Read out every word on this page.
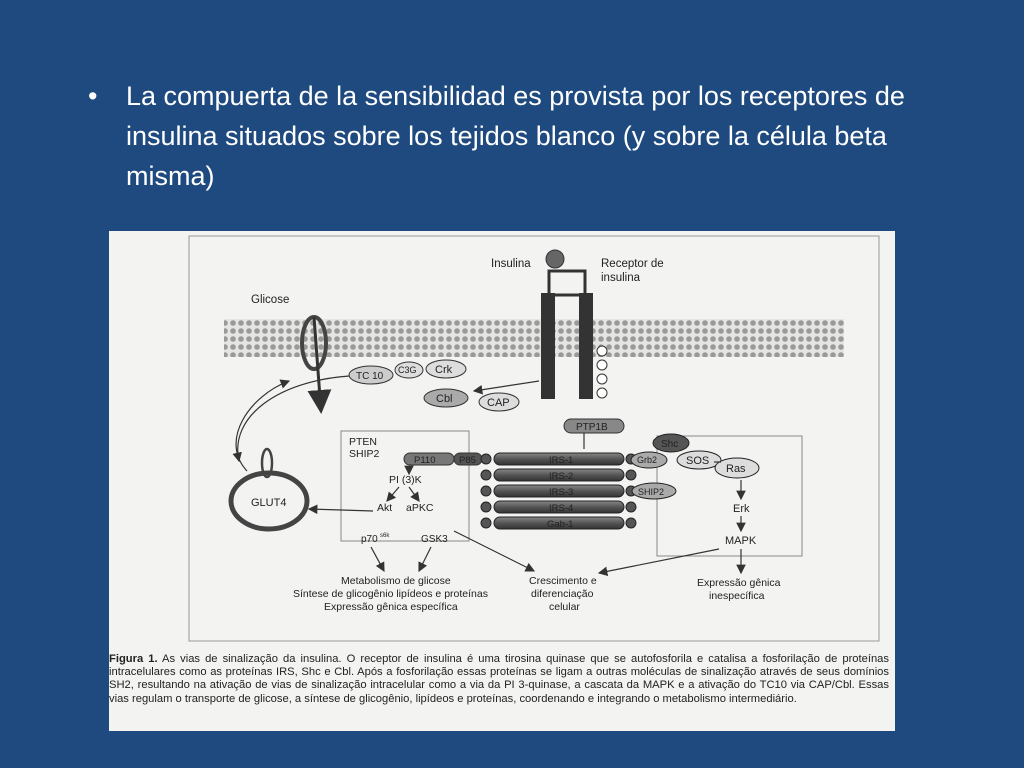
• La compuerta de la sensibilidad es provista por los receptores de insulina situados sobre los tejidos blanco (y sobre la célula beta misma)
Insulina	Receptor de
insulina
Glicose
TC 10
C3G Crk
Cbl	CAP
PTP1B
PTEN
SHIP2
P110 P85
PI (3)K
Akt aPKC
p70 s6k	GSK3
GLUT4
IRS-1
IRS-2
IRS-3
IRS-4
Gab-1
Shc
Grb2	SOS
SHIP2
Ras
Erk
MAPK
Metabolismo de glicose
Síntese de glicogênio lipídeos e proteínas
Expressão gênica específica
Crescimento e
diferenciação
celular
Expressão gênica
inespecífica
Figura 1. As vias de sinalização da insulina. O receptor de insulina é uma tirosina quinase que se autofosforila e catalisa a fosforilação de proteínas intracelulares como as proteínas IRS, Shc e Cbl. Após a fosforilação essas proteínas se ligam a outras moléculas de sinalização através de seus domínios SH2, resultando na ativação de vias de sinalização intracelular como a via da PI 3-quinase, a cascata da MAPK e a ativação do TC10 via CAP/Cbl. Essas vias regulam o transporte de glicose, a síntese de glicogênio, lipídeos e proteínas, coordenando e integrando o metabolismo intermediário.
